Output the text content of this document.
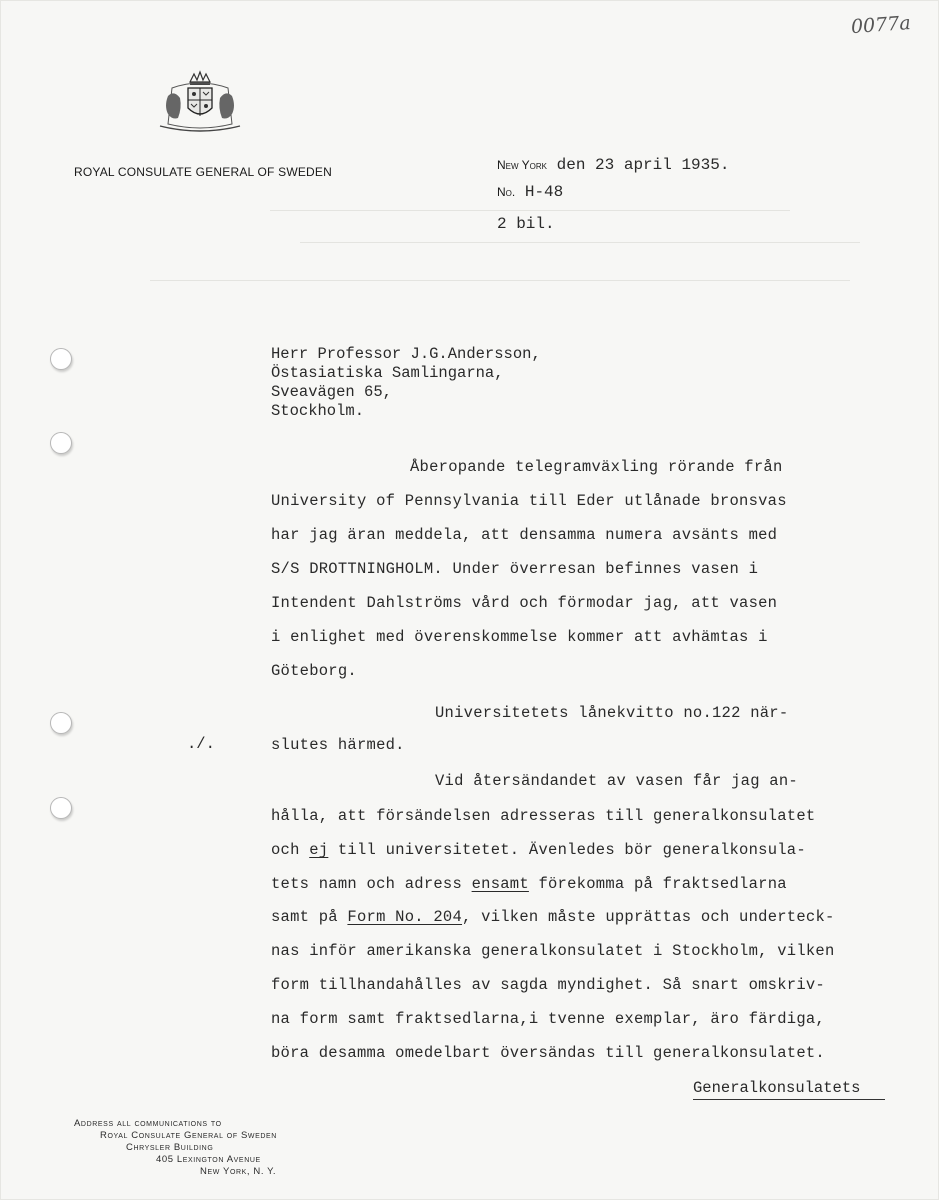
0077a
ROYAL CONSULATE GENERAL OF SWEDEN	New York den 23 april 1935.
No. H-48
2 bil.
Herr Professor J.G.Andersson,
Östasiatiska Samlingarna,
Sveavägen 65,
Stockholm.
./.
Åberopande telegramväxling rörande från
University of Pennsylvania till Eder utlånade bronsvas
har jag äran meddela, att densamma numera avsänts med
S/S DROTTNINGHOLM. Under överresan befinnes vasen i
Intendent Dahlströms vård och förmodar jag, att vasen
i enlighet med överenskommelse kommer att avhämtas i
Göteborg.
Universitetets lånekvitto no.122 när-
slutes härmed.
Vid återsändandet av vasen får jag an-
hålla, att försändelsen adresseras till generalkonsulatet
och ej till universitetet. Ävenledes bör generalkonsula-
tets namn och adress ensamt förekomma på fraktsedlarna
samt på Form No. 204, vilken måste upprättas och underteck-
nas inför amerikanska generalkonsulatet i Stockholm, vilken
form tillhandahålles av sagda myndighet. Så snart omskriv-
na form samt fraktsedlarna,i tvenne exemplar, äro färdiga,
böra desamma omedelbart översändas till generalkonsulatet.
Generalkonsulatets
Address all communications to
Royal Consulate General of Sweden
Chrysler Building
405 Lexington Avenue
New York, N. Y.
